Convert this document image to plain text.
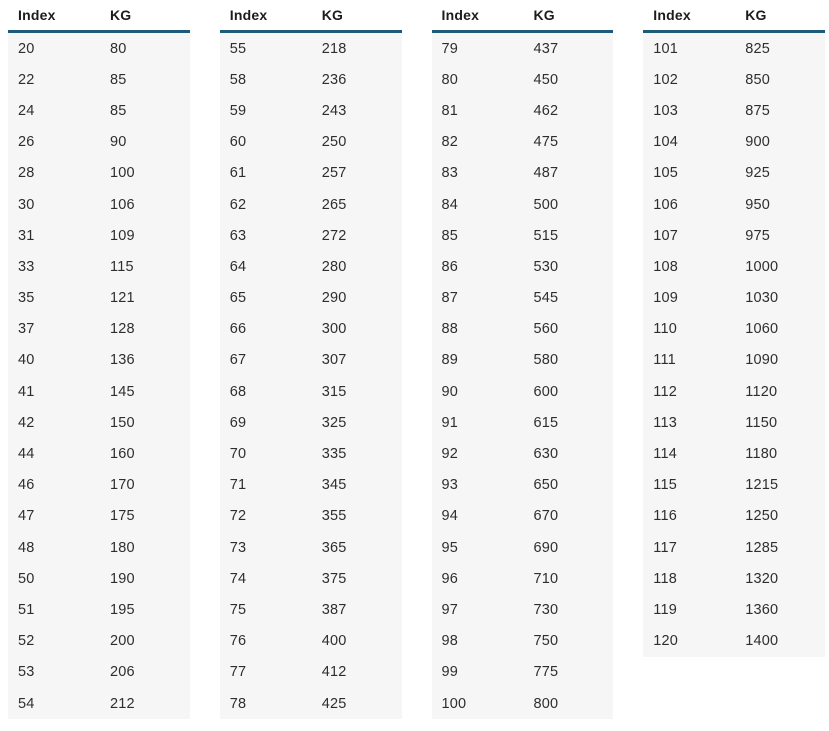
Index	KG
20	80
22	85
24	85
26	90
28	100
30	106
31	109
33	115
35	121
37	128
40	136
41	145
42	150
44	160
46	170
47	175
48	180
50	190
51	195
52	200
53	206
54	212
Index	KG
55	218
58	236
59	243
60	250
61	257
62	265
63	272
64	280
65	290
66	300
67	307
68	315
69	325
70	335
71	345
72	355
73	365
74	375
75	387
76	400
77	412
78	425
Index	KG
79	437
80	450
81	462
82	475
83	487
84	500
85	515
86	530
87	545
88	560
89	580
90	600
91	615
92	630
93	650
94	670
95	690
96	710
97	730
98	750
99	775
100	800
Index	KG
101	825
102	850
103	875
104	900
105	925
106	950
107	975
108	1000
109	1030
110	1060
111	1090
112	1120
113	1150
114	1180
115	1215
116	1250
117	1285
118	1320
119	1360
120	1400
